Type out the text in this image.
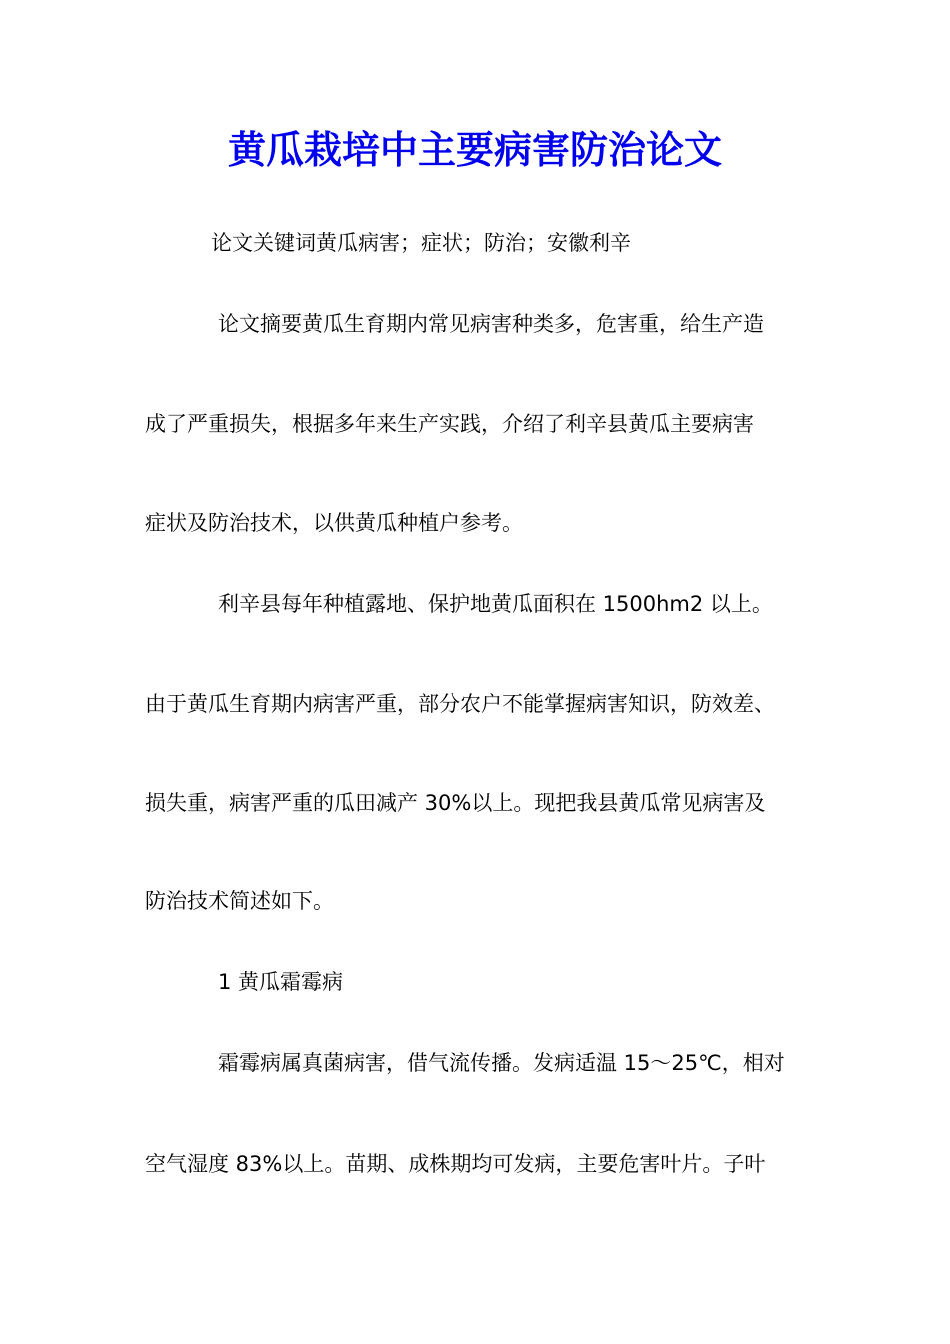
黄瓜栽培中主要病害防治论文
论文关键词黄瓜病害；症状；防治；安徽利辛
论文摘要黄瓜生育期内常见病害种类多，危害重，给生产造
成了严重损失，根据多年来生产实践，介绍了利辛县黄瓜主要病害
症状及防治技术，以供黄瓜种植户参考。
利辛县每年种植露地、保护地黄瓜面积在 1500hm2 以上。
由于黄瓜生育期内病害严重，部分农户不能掌握病害知识，防效差、
损失重，病害严重的瓜田减产 30%以上。现把我县黄瓜常见病害及
防治技术简述如下。
1 黄瓜霜霉病
霜霉病属真菌病害，借气流传播。发病适温 15～25℃，相对
空气湿度 83%以上。苗期、成株期均可发病，主要危害叶片。子叶
